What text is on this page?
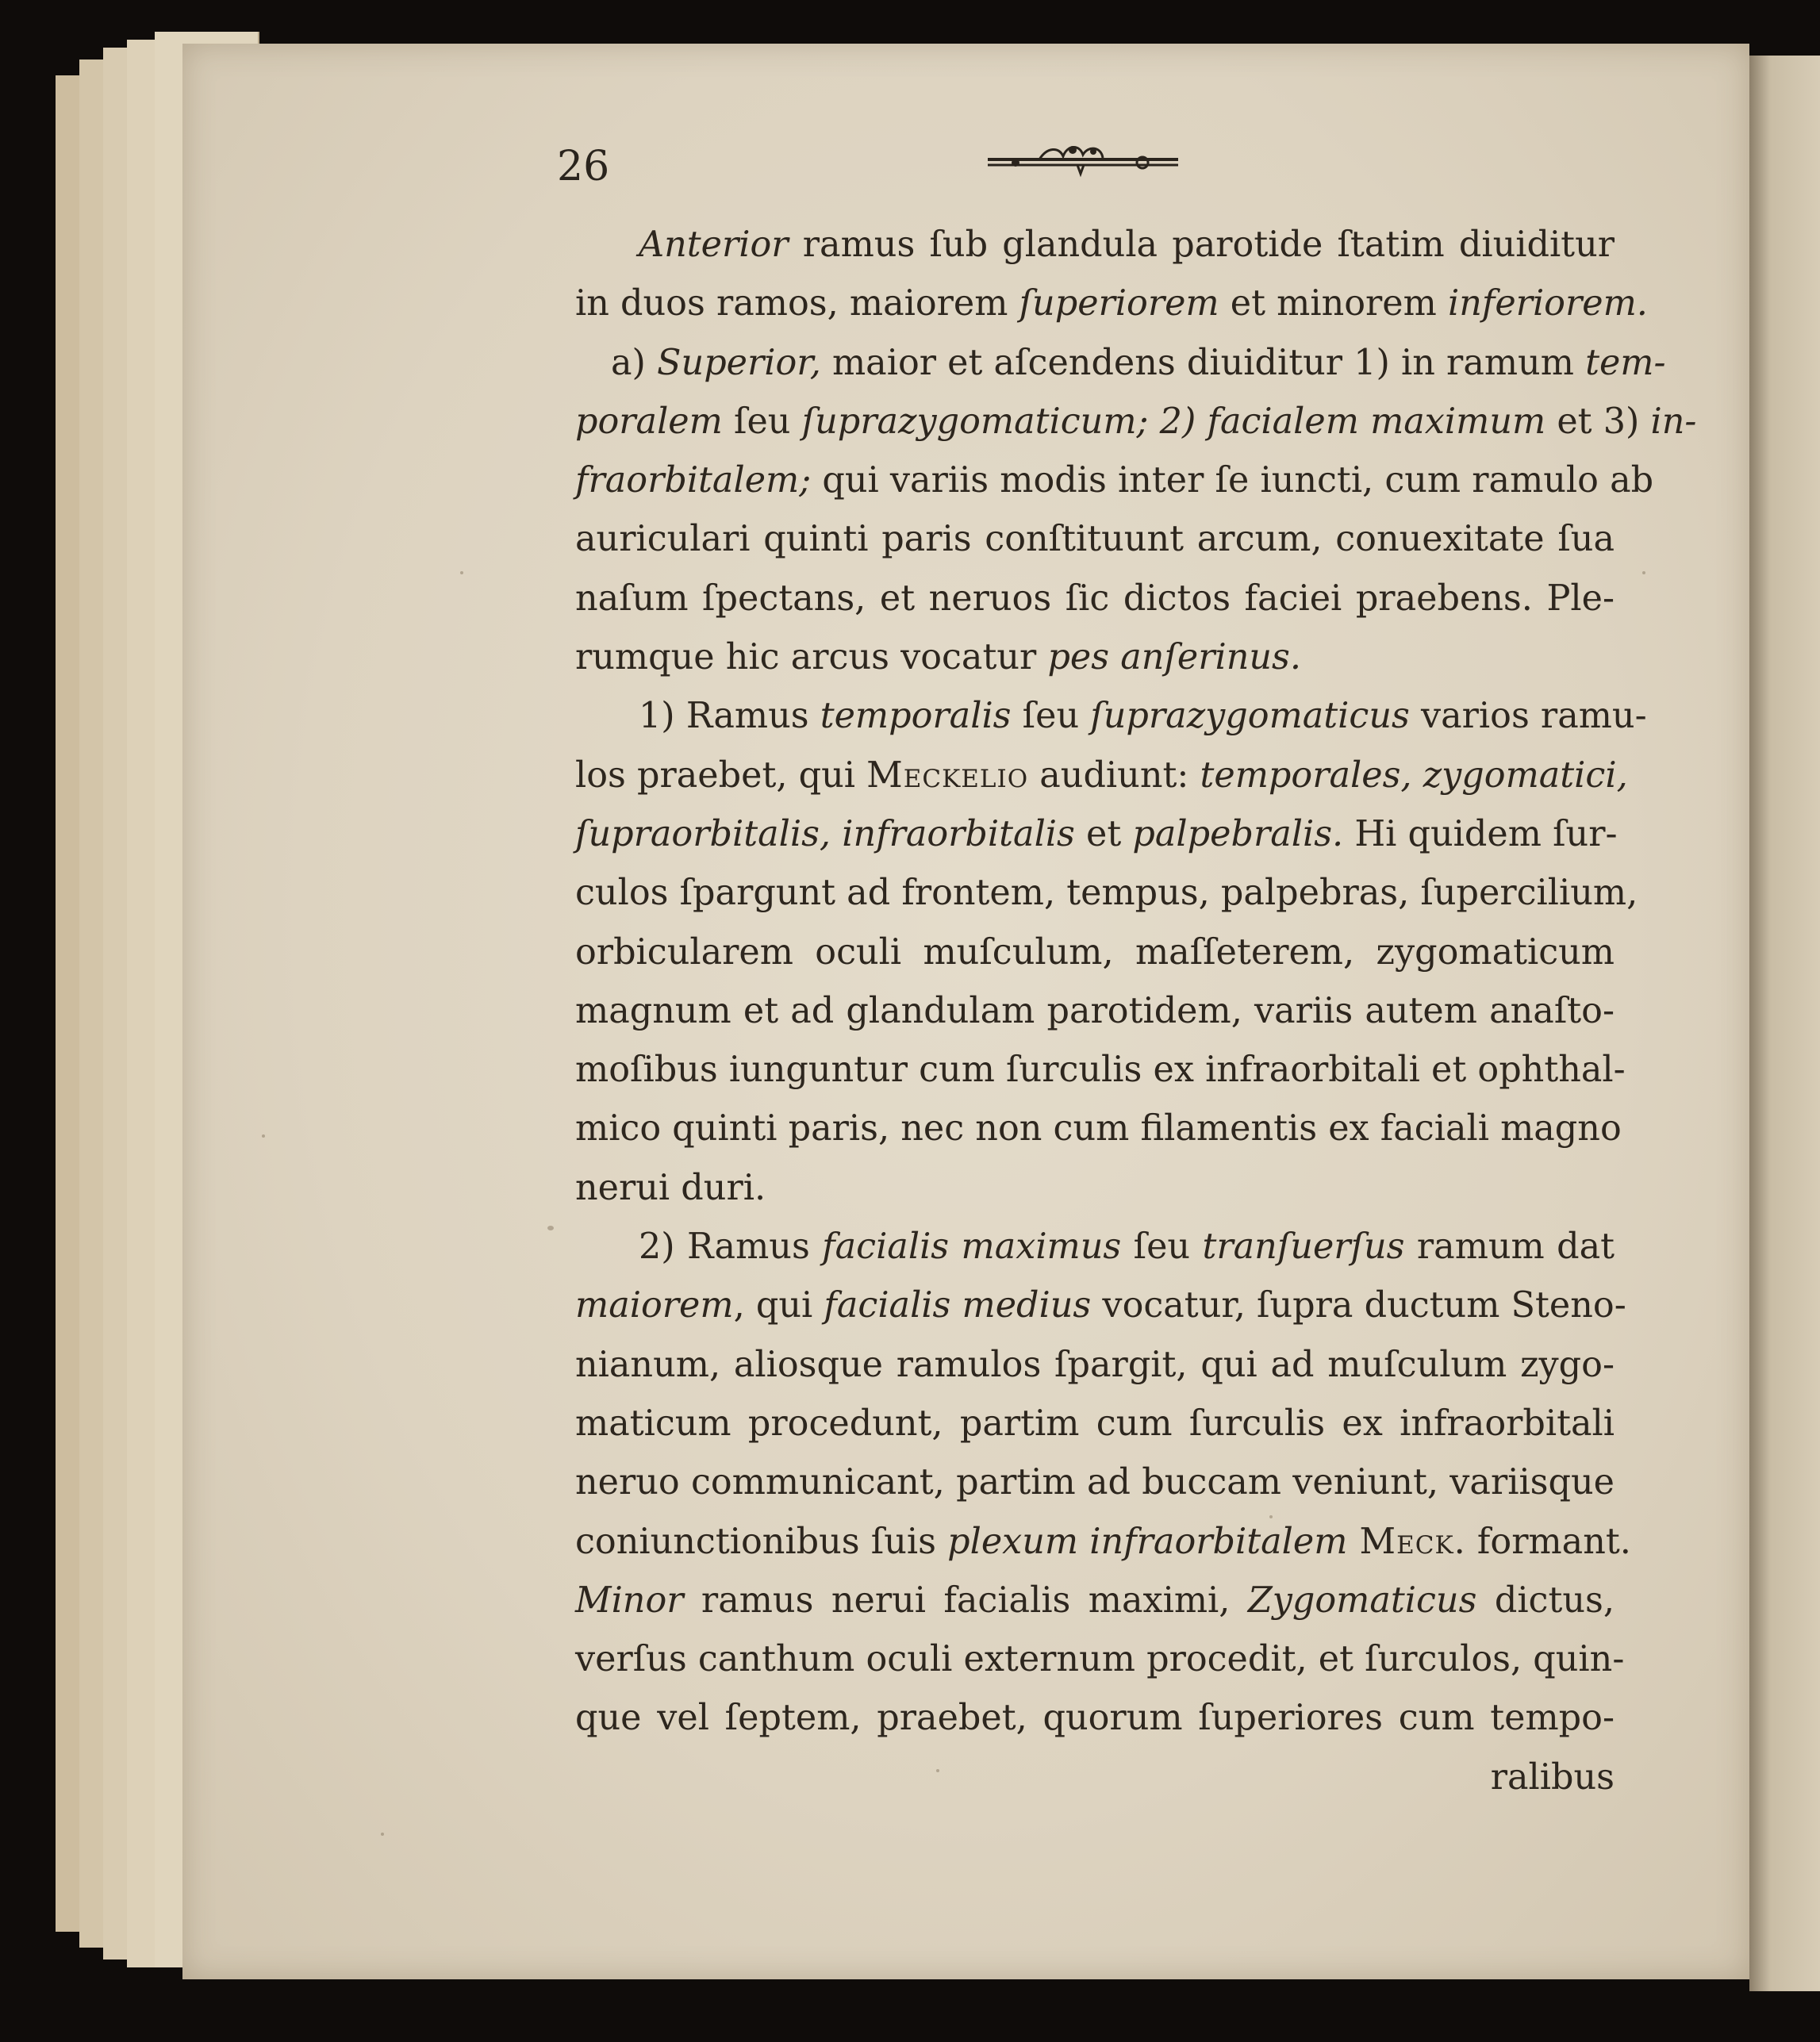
26
Anterior ramus ſub glandula parotide ſtatim diuiditur
in duos ramos, maiorem ſuperiorem et minorem inferiorem.
a) Superior, maior et aſcendens diuiditur 1) in ramum tem-
poralem ſeu ſuprazygomaticum; 2) facialem maximum et 3) in-
fraorbitalem; qui variis modis inter ſe iuncti, cum ramulo ab
auriculari quinti paris conſtituunt arcum, conuexitate ſua
naſum ſpectans, et neruos ſic dictos faciei praebens. Ple-
rumque hic arcus vocatur pes anſerinus.
1) Ramus temporalis ſeu ſuprazygomaticus varios ramu-
los praebet, qui Meckelio audiunt: temporales, zygomatici,
ſupraorbitalis, infraorbitalis et palpebralis. Hi quidem ſur-
culos ſpargunt ad frontem, tempus, palpebras, ſupercilium,
orbicularem oculi muſculum, maſſeterem, zygomaticum
magnum et ad glandulam parotidem, variis autem anaſto-
moſibus iunguntur cum ſurculis ex infraorbitali et ophthal-
mico quinti paris, nec non cum filamentis ex faciali magno
nerui duri.
2) Ramus facialis maximus ſeu tranſuerſus ramum dat
maiorem, qui facialis medius vocatur, ſupra ductum Steno-
nianum, aliosque ramulos ſpargit, qui ad muſculum zygo-
maticum procedunt, partim cum ſurculis ex infraorbitali
neruo communicant, partim ad buccam veniunt, variisque
coniunctionibus ſuis plexum infraorbitalem Meck. formant.
Minor ramus nerui facialis maximi, Zygomaticus dictus,
verſus canthum oculi externum procedit, et ſurculos, quin-
que vel ſeptem, praebet, quorum ſuperiores cum tempo-
ralibus
